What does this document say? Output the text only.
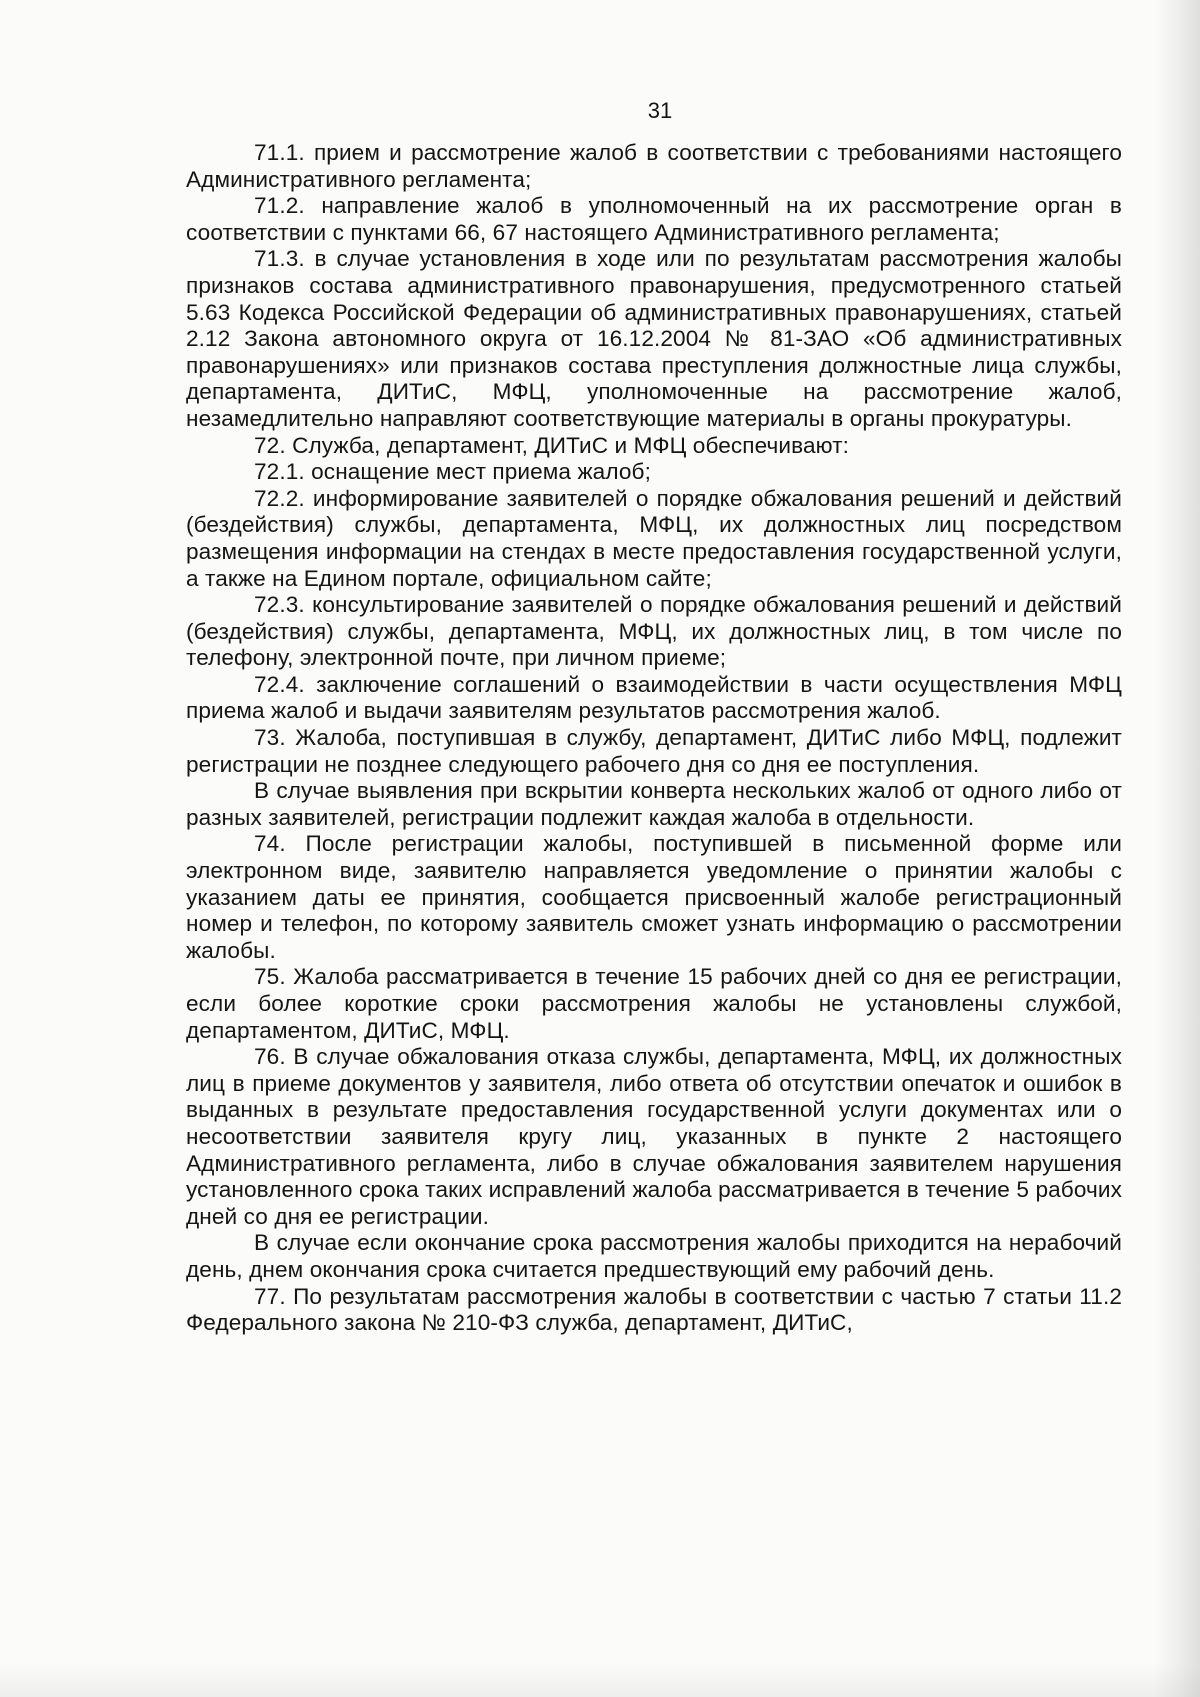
31

71.1. прием и рассмотрение жалоб в соответствии с требованиями настоящего Административного регламента;

71.2. направление жалоб в уполномоченный на их рассмотрение орган в соответствии с пунктами 66, 67 настоящего Административного регламента;

71.3. в случае установления в ходе или по результатам рассмотрения жалобы признаков состава административного правонарушения, предусмотренного статьей 5.63 Кодекса Российской Федерации об административных правонарушениях, статьей 2.12 Закона автономного округа от 16.12.2004 № 81-ЗАО «Об административных правонарушениях» или признаков состава преступления должностные лица службы, департамента, ДИТиС, МФЦ, уполномоченные на рассмотрение жалоб, незамедлительно направляют соответствующие материалы в органы прокуратуры.

72. Служба, департамент, ДИТиС и МФЦ обеспечивают:

72.1. оснащение мест приема жалоб;

72.2. информирование заявителей о порядке обжалования решений и действий (бездействия) службы, департамента, МФЦ, их должностных лиц посредством размещения информации на стендах в месте предоставления государственной услуги, а также на Едином портале, официальном сайте;

72.3. консультирование заявителей о порядке обжалования решений и действий (бездействия) службы, департамента, МФЦ, их должностных лиц, в том числе по телефону, электронной почте, при личном приеме;

72.4. заключение соглашений о взаимодействии в части осуществления МФЦ приема жалоб и выдачи заявителям результатов рассмотрения жалоб.

73. Жалоба, поступившая в службу, департамент, ДИТиС либо МФЦ, подлежит регистрации не позднее следующего рабочего дня со дня ее поступления.

В случае выявления при вскрытии конверта нескольких жалоб от одного либо от разных заявителей, регистрации подлежит каждая жалоба в отдельности.

74. После регистрации жалобы, поступившей в письменной форме или электронном виде, заявителю направляется уведомление о принятии жалобы с указанием даты ее принятия, сообщается присвоенный жалобе регистрационный номер и телефон, по которому заявитель сможет узнать информацию о рассмотрении жалобы.

75. Жалоба рассматривается в течение 15 рабочих дней со дня ее регистрации, если более короткие сроки рассмотрения жалобы не установлены службой, департаментом, ДИТиС, МФЦ.

76. В случае обжалования отказа службы, департамента, МФЦ, их должностных лиц в приеме документов у заявителя, либо ответа об отсутствии опечаток и ошибок в выданных в результате предоставления государственной услуги документах или о несоответствии заявителя кругу лиц, указанных в пункте 2 настоящего Административного регламента, либо в случае обжалования заявителем нарушения установленного срока таких исправлений жалоба рассматривается в течение 5 рабочих дней со дня ее регистрации.

В случае если окончание срока рассмотрения жалобы приходится на нерабочий день, днем окончания срока считается предшествующий ему рабочий день.

77. По результатам рассмотрения жалобы в соответствии с частью 7 статьи 11.2 Федерального закона № 210-ФЗ служба, департамент, ДИТиС,
